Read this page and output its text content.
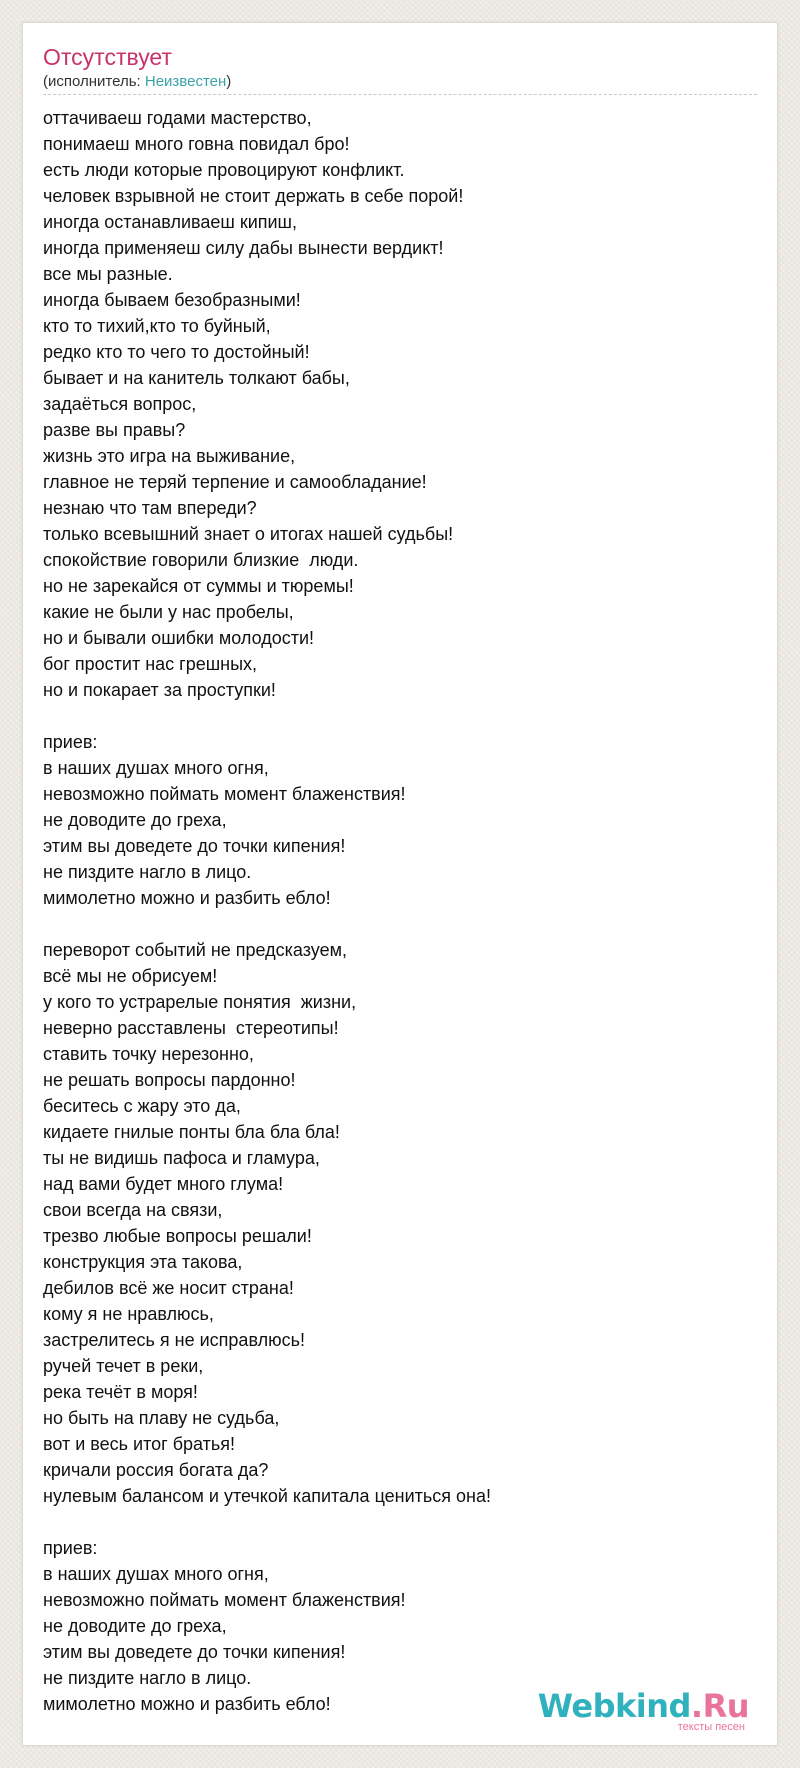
Отсутствует
(исполнитель: Неизвестен)
оттачиваеш годами мастерство,
понимаеш много говна повидал бро!
есть люди которые провоцируют конфликт.
человек взрывной не стоит держать в себе порой!
иногда останавливаеш кипиш,
иногда применяеш силу дабы вынести вердикт!
все мы разные.
иногда бываем безобразными!
кто то тихий,кто то буйный,
редко кто то чего то достойный!
бывает и на канитель толкают бабы,
задаёться вопрос,
разве вы правы?
жизнь это игра на выживание,
главное не теряй терпение и самообладание!
незнаю что там впереди?
только всевышний знает о итогах нашей судьбы!
спокойствие говорили близкие  люди.
но не зарекайся от суммы и тюремы!
какие не были у нас пробелы,
но и бывали ошибки молодости!
бог простит нас грешных,
но и покарает за проступки!

приев:
в наших душах много огня,
невозможно поймать момент блаженствия!
не доводите до греха,
этим вы доведете до точки кипения!
не пиздите нагло в лицо.
мимолетно можно и разбить ебло!

переворот событий не предсказуем,
всё мы не обрисуем!
у кого то устрарелые понятия  жизни,
неверно расставлены  стереотипы!
ставить точку нерезонно,
не решать вопросы пардонно!
беситесь с жару это да,
кидаете гнилые понты бла бла бла!
ты не видишь пафоса и гламура,
над вами будет много глума!
свои всегда на связи,
трезво любые вопросы решали!
конструкция эта такова,
дебилов всё же носит страна!
кому я не нравлюсь,
застрелитесь я не исправлюсь!
ручей течет в реки,
река течёт в моря!
но быть на плаву не судьба,
вот и весь итог братья!
кричали россия богата да?
нулевым балансом и утечкой капитала цениться она!

приев:
в наших душах много огня,
невозможно поймать момент блаженствия!
не доводите до греха,
этим вы доведете до точки кипения!
не пиздите нагло в лицо.
мимолетно можно и разбить ебло!	Webkind.Ru
тексты песен
